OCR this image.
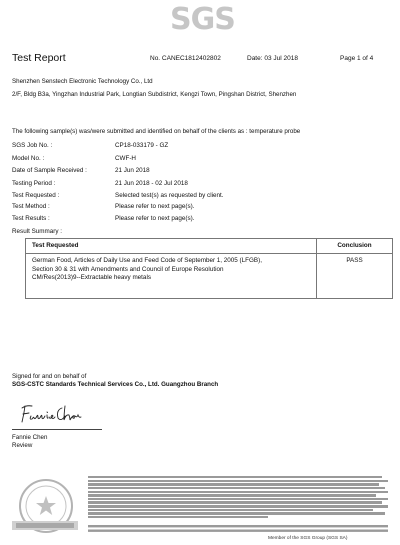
SGS
Test Report	No. CANEC1812402802	Date: 03 Jul 2018	Page 1 of 4
Shenzhen Senstech Electronic Technology Co., Ltd
2/F, Bldg B3a, Yingzhan Industrial Park, Longtian Subdistrict, Kengzi Town, Pingshan District, Shenzhen
The following sample(s) was/were submitted and identified on behalf of the clients as : temperature probe
SGS Job No. :	CP18-033179 - GZ
Model No. :	CWF-H
Date of Sample Received :	21 Jun 2018
Testing Period :	21 Jun 2018 - 02 Jul 2018
Test Requested :	Selected test(s) as requested by client.
Test Method :	Please refer to next page(s).
Test Results :	Please refer to next page(s).
Result Summary :
Test Requested	Conclusion

German Food, Articles of Daily Use and Feed Code of September 1, 2005 (LFGB),
Section 30 & 31 with Amendments and Council of Europe Resolution
CM/Res(2013)9--Extractable heavy metals	PASS
Signed for and on behalf of
SGS-CSTC Standards Technical Services Co., Ltd. Guangzhou Branch
Fannie Chen
Review
Member of the SGS Group (SGS SA)
